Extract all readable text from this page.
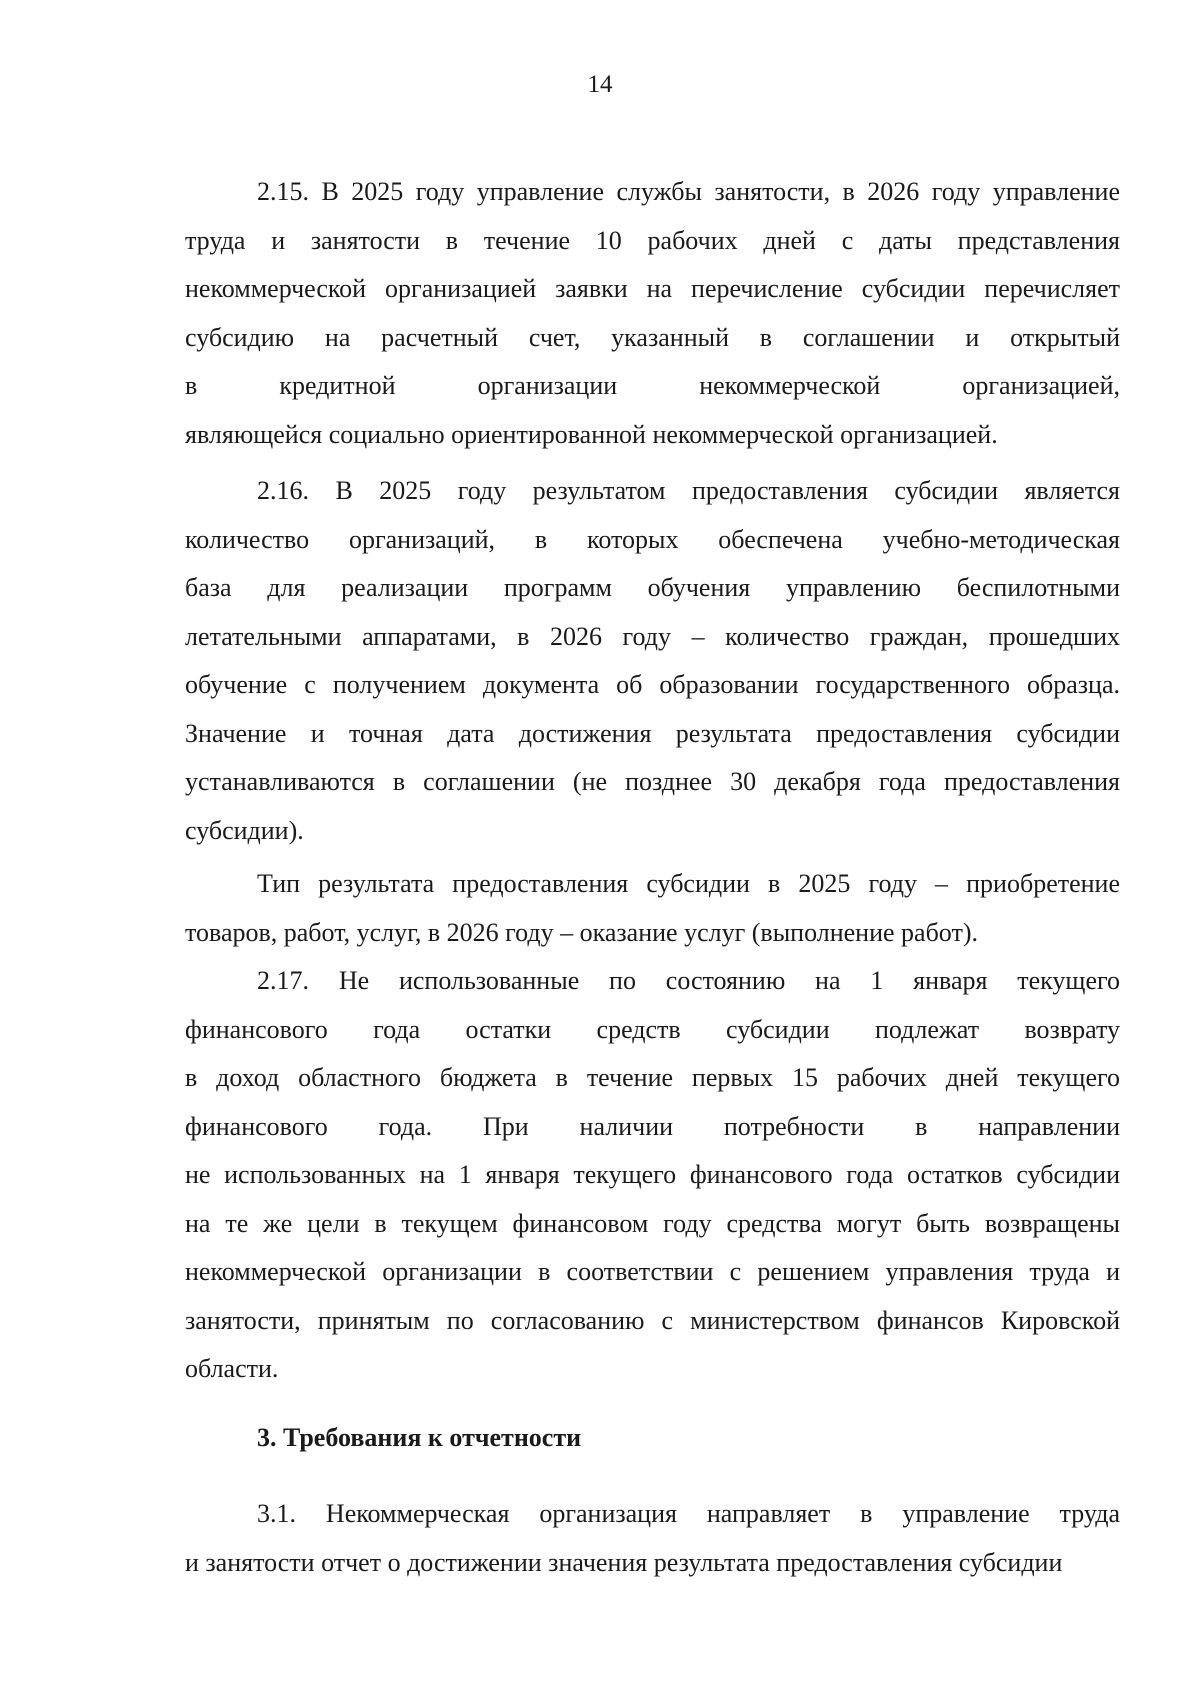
14
2.15. В 2025 году управление службы занятости, в 2026 году управление
труда и занятости в течение 10 рабочих дней с даты представления
некоммерческой организацией заявки на перечисление субсидии перечисляет
субсидию на расчетный счет, указанный в соглашении и открытый
в кредитной организации некоммерческой организацией,
являющейся социально ориентированной некоммерческой организацией.
2.16. В 2025 году результатом предоставления субсидии является
количество организаций, в которых обеспечена учебно-методическая
база для реализации программ обучения управлению беспилотными
летательными аппаратами, в 2026 году – количество граждан, прошедших
обучение с получением документа об образовании государственного образца.
Значение и точная дата достижения результата предоставления субсидии
устанавливаются в соглашении (не позднее 30 декабря года предоставления
субсидии).
Тип результата предоставления субсидии в 2025 году – приобретение
товаров, работ, услуг, в 2026 году – оказание услуг (выполнение работ).
2.17. Не использованные по состоянию на 1 января текущего
финансового года остатки средств субсидии подлежат возврату
в доход областного бюджета в течение первых 15 рабочих дней текущего
финансового года. При наличии потребности в направлении
не использованных на 1 января текущего финансового года остатков субсидии
на те же цели в текущем финансовом году средства могут быть возвращены
некоммерческой организации в соответствии с решением управления труда и
занятости, принятым по согласованию с министерством финансов Кировской
области.
3. Требования к отчетности
3.1. Некоммерческая организация направляет в управление труда
и занятости отчет о достижении значения результата предоставления субсидии
